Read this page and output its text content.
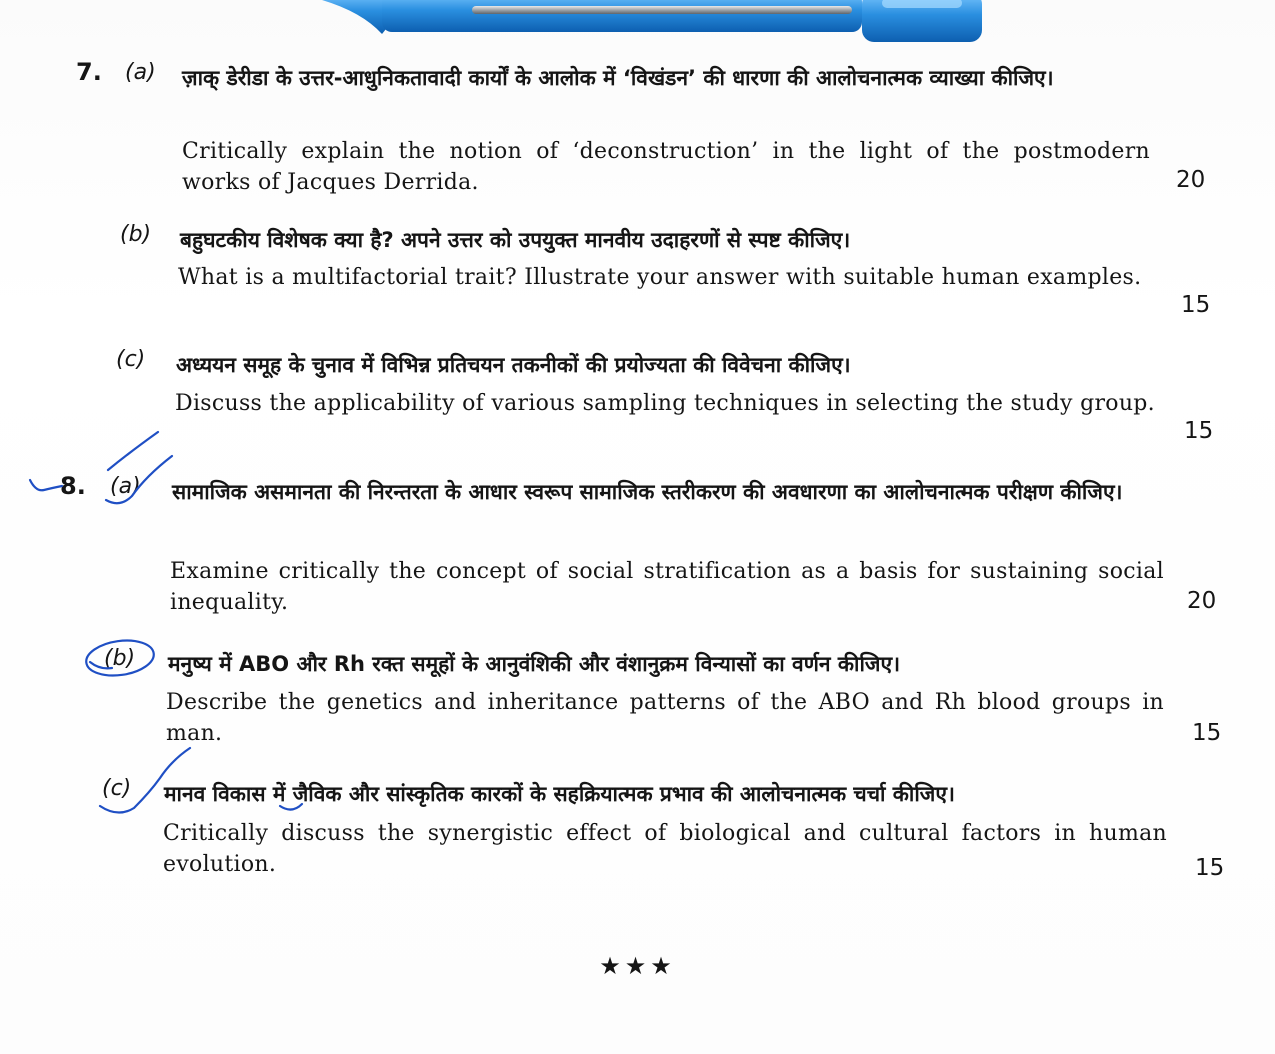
7. (a) ज़ाक् डेरीडा के उत्तर-आधुनिकतावादी कार्यों के आलोक में ‘विखंडन’ की धारणा की आलोचनात्मक व्याख्या कीजिए।
Critically explain the notion of ‘deconstruction’ in the light of the postmodern works of Jacques Derrida.	20
(b) बहुघटकीय विशेषक क्या है? अपने उत्तर को उपयुक्त मानवीय उदाहरणों से स्पष्ट कीजिए।
What is a multifactorial trait? Illustrate your answer with suitable human examples.
15
(c) अध्ययन समूह के चुनाव में विभिन्न प्रतिचयन तकनीकों की प्रयोज्यता की विवेचना कीजिए।
Discuss the applicability of various sampling techniques in selecting the study group.
15
8. (a) सामाजिक असमानता की निरन्तरता के आधार स्वरूप सामाजिक स्तरीकरण की अवधारणा का आलोचनात्मक परीक्षण कीजिए।
Examine critically the concept of social stratification as a basis for sustaining social inequality.	20
(b) मनुष्य में ABO और Rh रक्त समूहों के आनुवंशिकी और वंशानुक्रम विन्यासों का वर्णन कीजिए।
Describe the genetics and inheritance patterns of the ABO and Rh blood groups in man.	15
(c) मानव विकास में जैविक और सांस्कृतिक कारकों के सहक्रियात्मक प्रभाव की आलोचनात्मक चर्चा कीजिए।
Critically discuss the synergistic effect of biological and cultural factors in human evolution.	15
★★★
